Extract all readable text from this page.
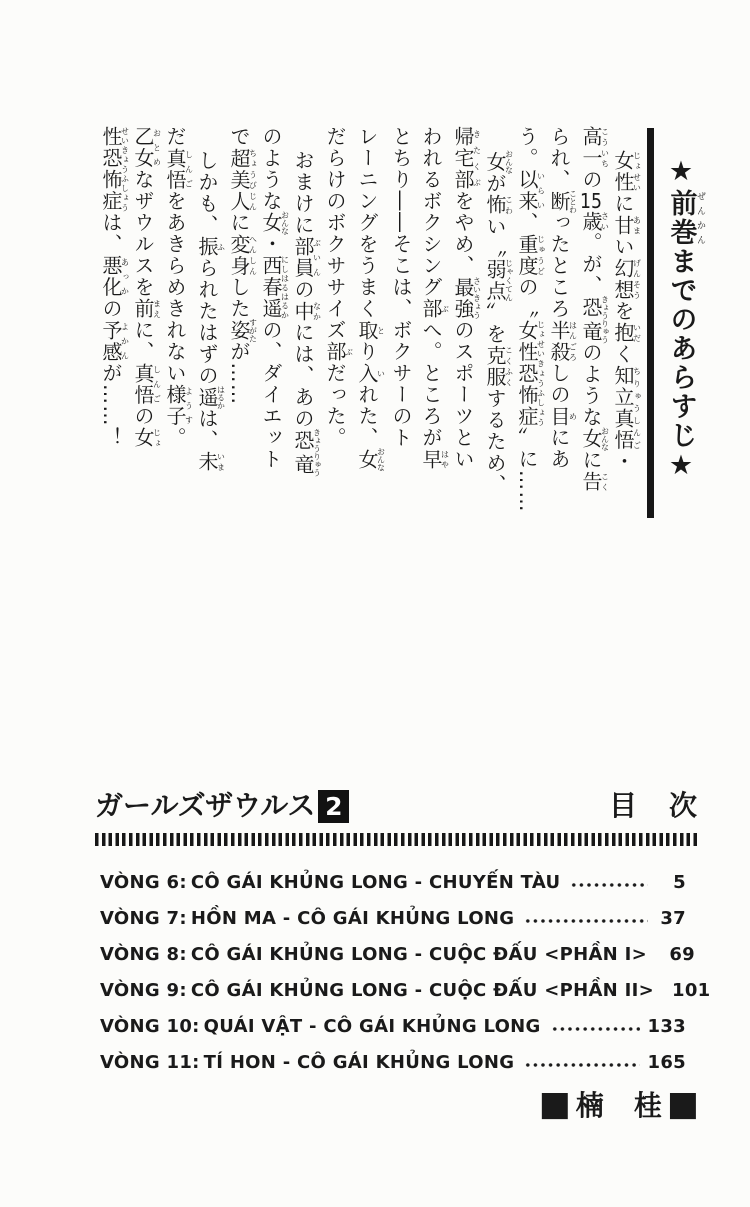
★前巻ぜんかんまでのあらすじ★
女性じょせいに甘あまい幻想げんそうを抱いだく知立真悟ちりゅうしんご・
高一こういちの15歳さい。が、恐竜きょうりゅうのような女おんなに告こく
られ、断ことわったところ半殺はんごろしの目めにあ
う。以来いらい、重度じゅうどの〝女性恐怖症じょせいきょうふしょう〟に……
女おんなが怖こわい〝弱点じゃくてん〟を克服こくふくするため、
帰宅部きたくぶをやめ、最強さいきょうのスポーツとい
われるボクシング部ぶへ。ところが早はや
とちり――そこは、ボクサーのト
レーニングをうまく取とり入いれた、女おんな
だらけのボクササイズ部ぶだった。
おまけに部員ぶいんの中なかには、あの恐竜きょうりゅう
のような女おんな・西春遥にしはるはるかの、ダイエット
で超美人ちょうびじんに変身へんしんした姿すがたが……
しかも、振ふられたはずの遥はるかは、未いま
だ真悟しんごをあきらめきれない様子ようす。
乙女おとめなザウルスを前まえに、真悟しんごの女じょ
性恐怖症せいきょうふしょうは、悪化あっかの予感よかんが……！
ガールズザウルス 2	目　次
VÒNG 6: CÔ GÁI KHỦNG LONG - CHUYẾN TÀU	5
VÒNG 7: HỒN MA - CÔ GÁI KHỦNG LONG	37
VÒNG 8: CÔ GÁI KHỦNG LONG - CUỘC ĐẤU <PHẦN I> 69
VÒNG 9: CÔ GÁI KHỦNG LONG - CUỘC ĐẤU <PHẦN II> 101
VÒNG 10: QUÁI VẬT - CÔ GÁI KHỦNG LONG	133
VÒNG 11: TÍ HON - CÔ GÁI KHỦNG LONG	165
■ 楠　桂 ■
